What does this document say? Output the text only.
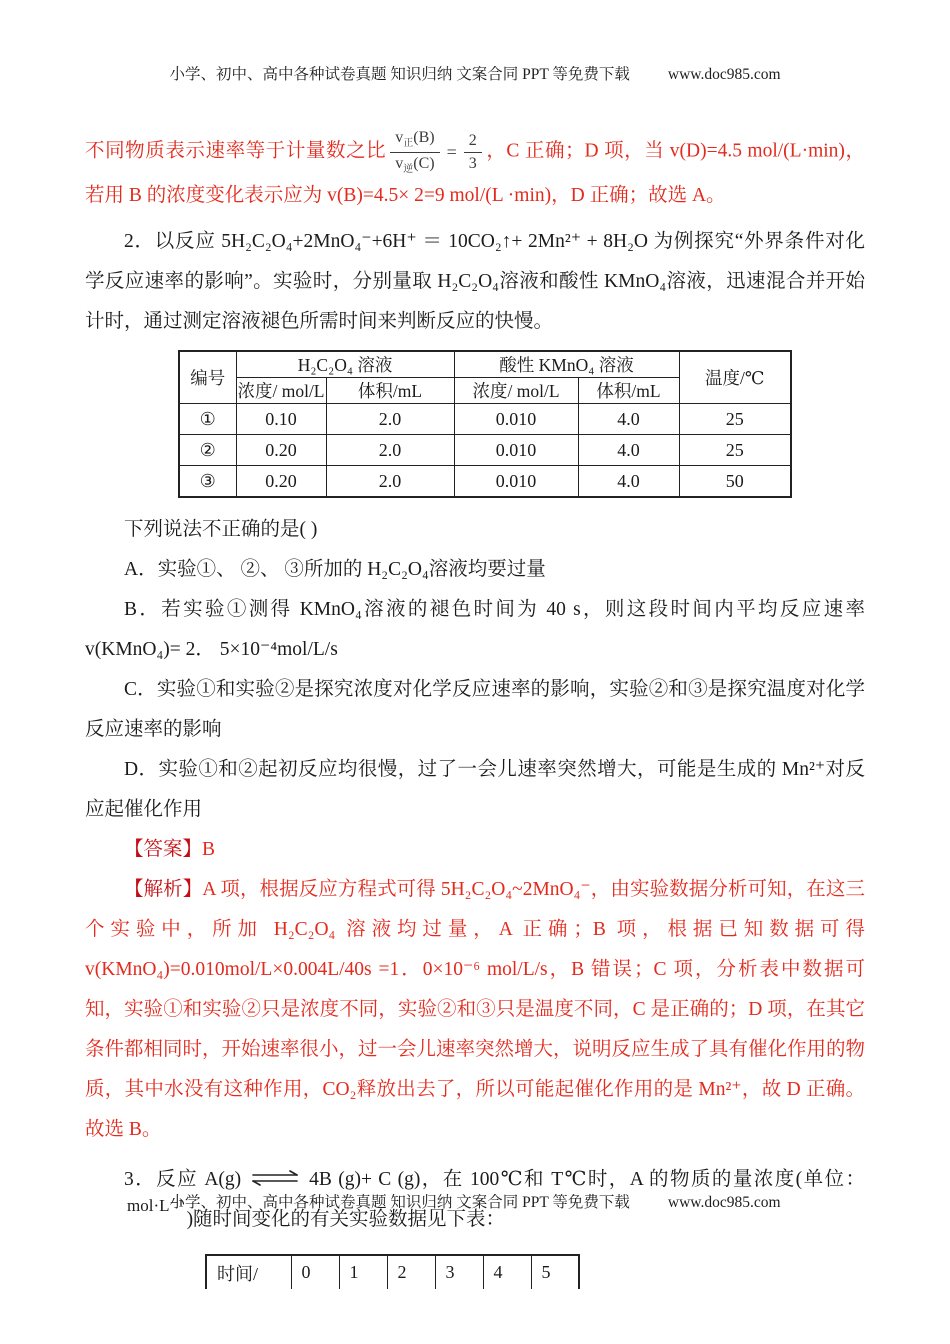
小学、初中、高中各种试卷真题 知识归纳 文案合同 PPT 等免费下载 www.doc985.com

不同物质表示速率等于计量数之比
$v_正(B)$
$v_逆(C)$
= $\frac{2}{3}$ ，C 正确；D 项，当 v(D)=4.5 mol/(L·min)，若用 B 的浓度变化表示应为 v(B)=4.5× 2=9 mol/(L ·min)，D 正确；故选 A。

2．以反应 5H₂C₂O₄+2MnO₄⁻+6H⁺ ＝ 10CO₂↑+ 2Mn²⁺ + 8H₂O 为例探究“外界条件对化学反应速率的影响”。实验时，分别量取 H₂C₂O₄溶液和酸性 KMnO₄溶液，迅速混合并开始计时，通过测定溶液褪色所需时间来判断反应的快慢。

编号	H₂C₂O₄ 溶液		酸性 KMnO₄ 溶液		温度/℃
	浓度/ mol/L	体积/mL	浓度/ mol/L	体积/mL	
①	0.10	2.0	0.010	4.0	25
②	0.20	2.0	0.010	4.0	25
③	0.20	2.0	0.010	4.0	50

下列说法不正确的是( )

A．实验①、 ②、 ③所加的 H₂C₂O₄溶液均要过量

B．若实验①测得 KMnO₄溶液的褪色时间为 40 s，则这段时间内平均反应速率 v(KMnO₄)= 2． 5×10⁻⁴mol/L/s

C．实验①和实验②是探究浓度对化学反应速率的影响，实验②和③是探究温度对化学反应速率的影响

D．实验①和②起初反应均很慢，过了一会儿速率突然增大，可能是生成的 Mn²⁺对反应起催化作用

【答案】B

【解析】A 项，根据反应方程式可得 5H₂C₂O₄~2MnO₄⁻，由实验数据分析可知，在这三个实验中，所加 H₂C₂O₄ 溶液均过量，A 正确；B 项，根据已知数据可得 v(KMnO₄)=0.010mol/L×0.004L/40s =1．0×10⁻⁶ mol/L/s，B 错误；C 项，分析表中数据可知，实验①和实验②只是浓度不同，实验②和③只是温度不同，C 是正确的；D 项，在其它条件都相同时，开始速率很小，过一会儿速率突然增大，说明反应生成了具有催化作用的物质，其中水没有这种作用，CO₂释放出去了，所以可能起催化作用的是 Mn²⁺，故 D 正确。故选 B。

3．反应 A(g) ⇌ 4B (g)+ C (g)，在 100℃和 T℃时，A 的物质的量浓度(单位：mol·L⁻¹)随时间变化的有关实验数据见下表：

时间/	0	1	2	3	4	5
小学、初中、高中各种试卷真题 知识归纳 文案合同 PPT 等免费下载 www.doc985.com
